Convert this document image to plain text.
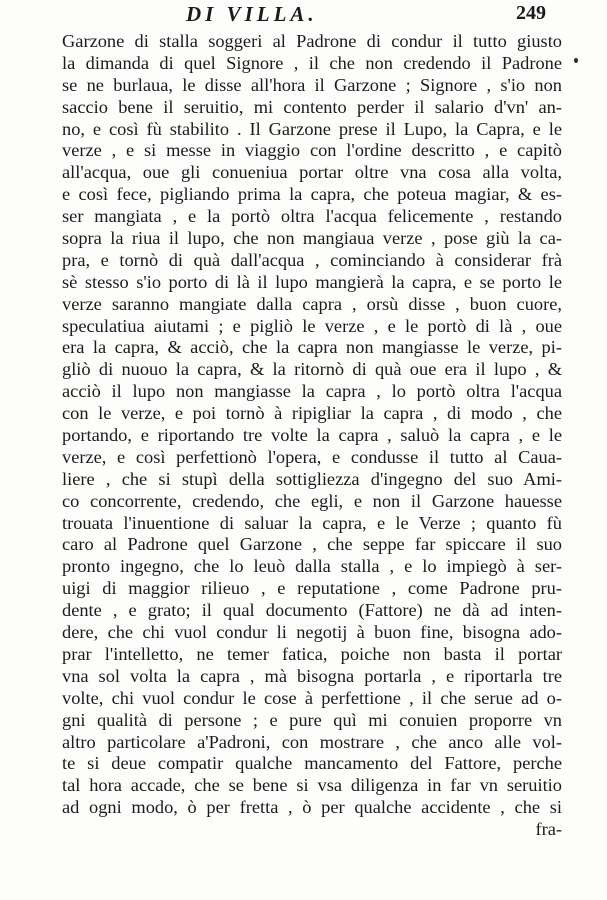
DI VILLA.	249
Garzone di stalla soggeri al Padrone di condur il tutto giusto
la dimanda di quel Signore , il che non credendo il Padrone
se ne burlaua, le disse all'hora il Garzone ; Signore , s'io non
saccio bene il seruitio, mi contento perder il salario d'vn' an-
no, e così fù stabilito . Il Garzone prese il Lupo, la Capra, e le
verze , e si messe in viaggio con l'ordine descritto , e capitò
all'acqua, oue gli conueniua portar oltre vna cosa alla volta,
e così fece, pigliando prima la capra, che poteua magiar, & es-
ser mangiata , e la portò oltra l'acqua felicemente , restando
sopra la riua il lupo, che non mangiaua verze , pose giù la ca-
pra, e tornò di quà dall'acqua , cominciando à considerar frà
sè stesso s'io porto di là il lupo mangierà la capra, e se porto le
verze saranno mangiate dalla capra , orsù disse , buon cuore,
speculatiua aiutami ; e pigliò le verze , e le portò di là , oue
era la capra, & acciò, che la capra non mangiasse le verze, pi-
gliò di nuouo la capra, & la ritornò di quà oue era il lupo , &
acciò il lupo non mangiasse la capra , lo portò oltra l'acqua
con le verze, e poi tornò à ripigliar la capra , di modo , che
portando, e riportando tre volte la capra , saluò la capra , e le
verze, e così perfettionò l'opera, e condusse il tutto al Caua-
liere , che si stupì della sottigliezza d'ingegno del suo Ami-
co concorrente, credendo, che egli, e non il Garzone hauesse
trouata l'inuentione di saluar la capra, e le Verze ; quanto fù
caro al Padrone quel Garzone , che seppe far spiccare il suo
pronto ingegno, che lo leuò dalla stalla , e lo impiegò à ser-
uigi di maggior rilieuo , e reputatione , come Padrone pru-
dente , e grato; il qual documento (Fattore) ne dà ad inten-
dere, che chi vuol condur li negotij à buon fine, bisogna ado-
prar l'intelletto, ne temer fatica, poiche non basta il portar
vna sol volta la capra , mà bisogna portarla , e riportarla tre
volte, chi vuol condur le cose à perfettione , il che serue ad o-
gni qualità di persone ; e pure quì mi conuien proporre vn
altro particolare a'Padroni, con mostrare , che anco alle vol-
te si deue compatir qualche mancamento del Fattore, perche
tal hora accade, che se bene si vsa diligenza in far vn seruitio
ad ogni modo, ò per fretta , ò per qualche accidente , che si
fra-
